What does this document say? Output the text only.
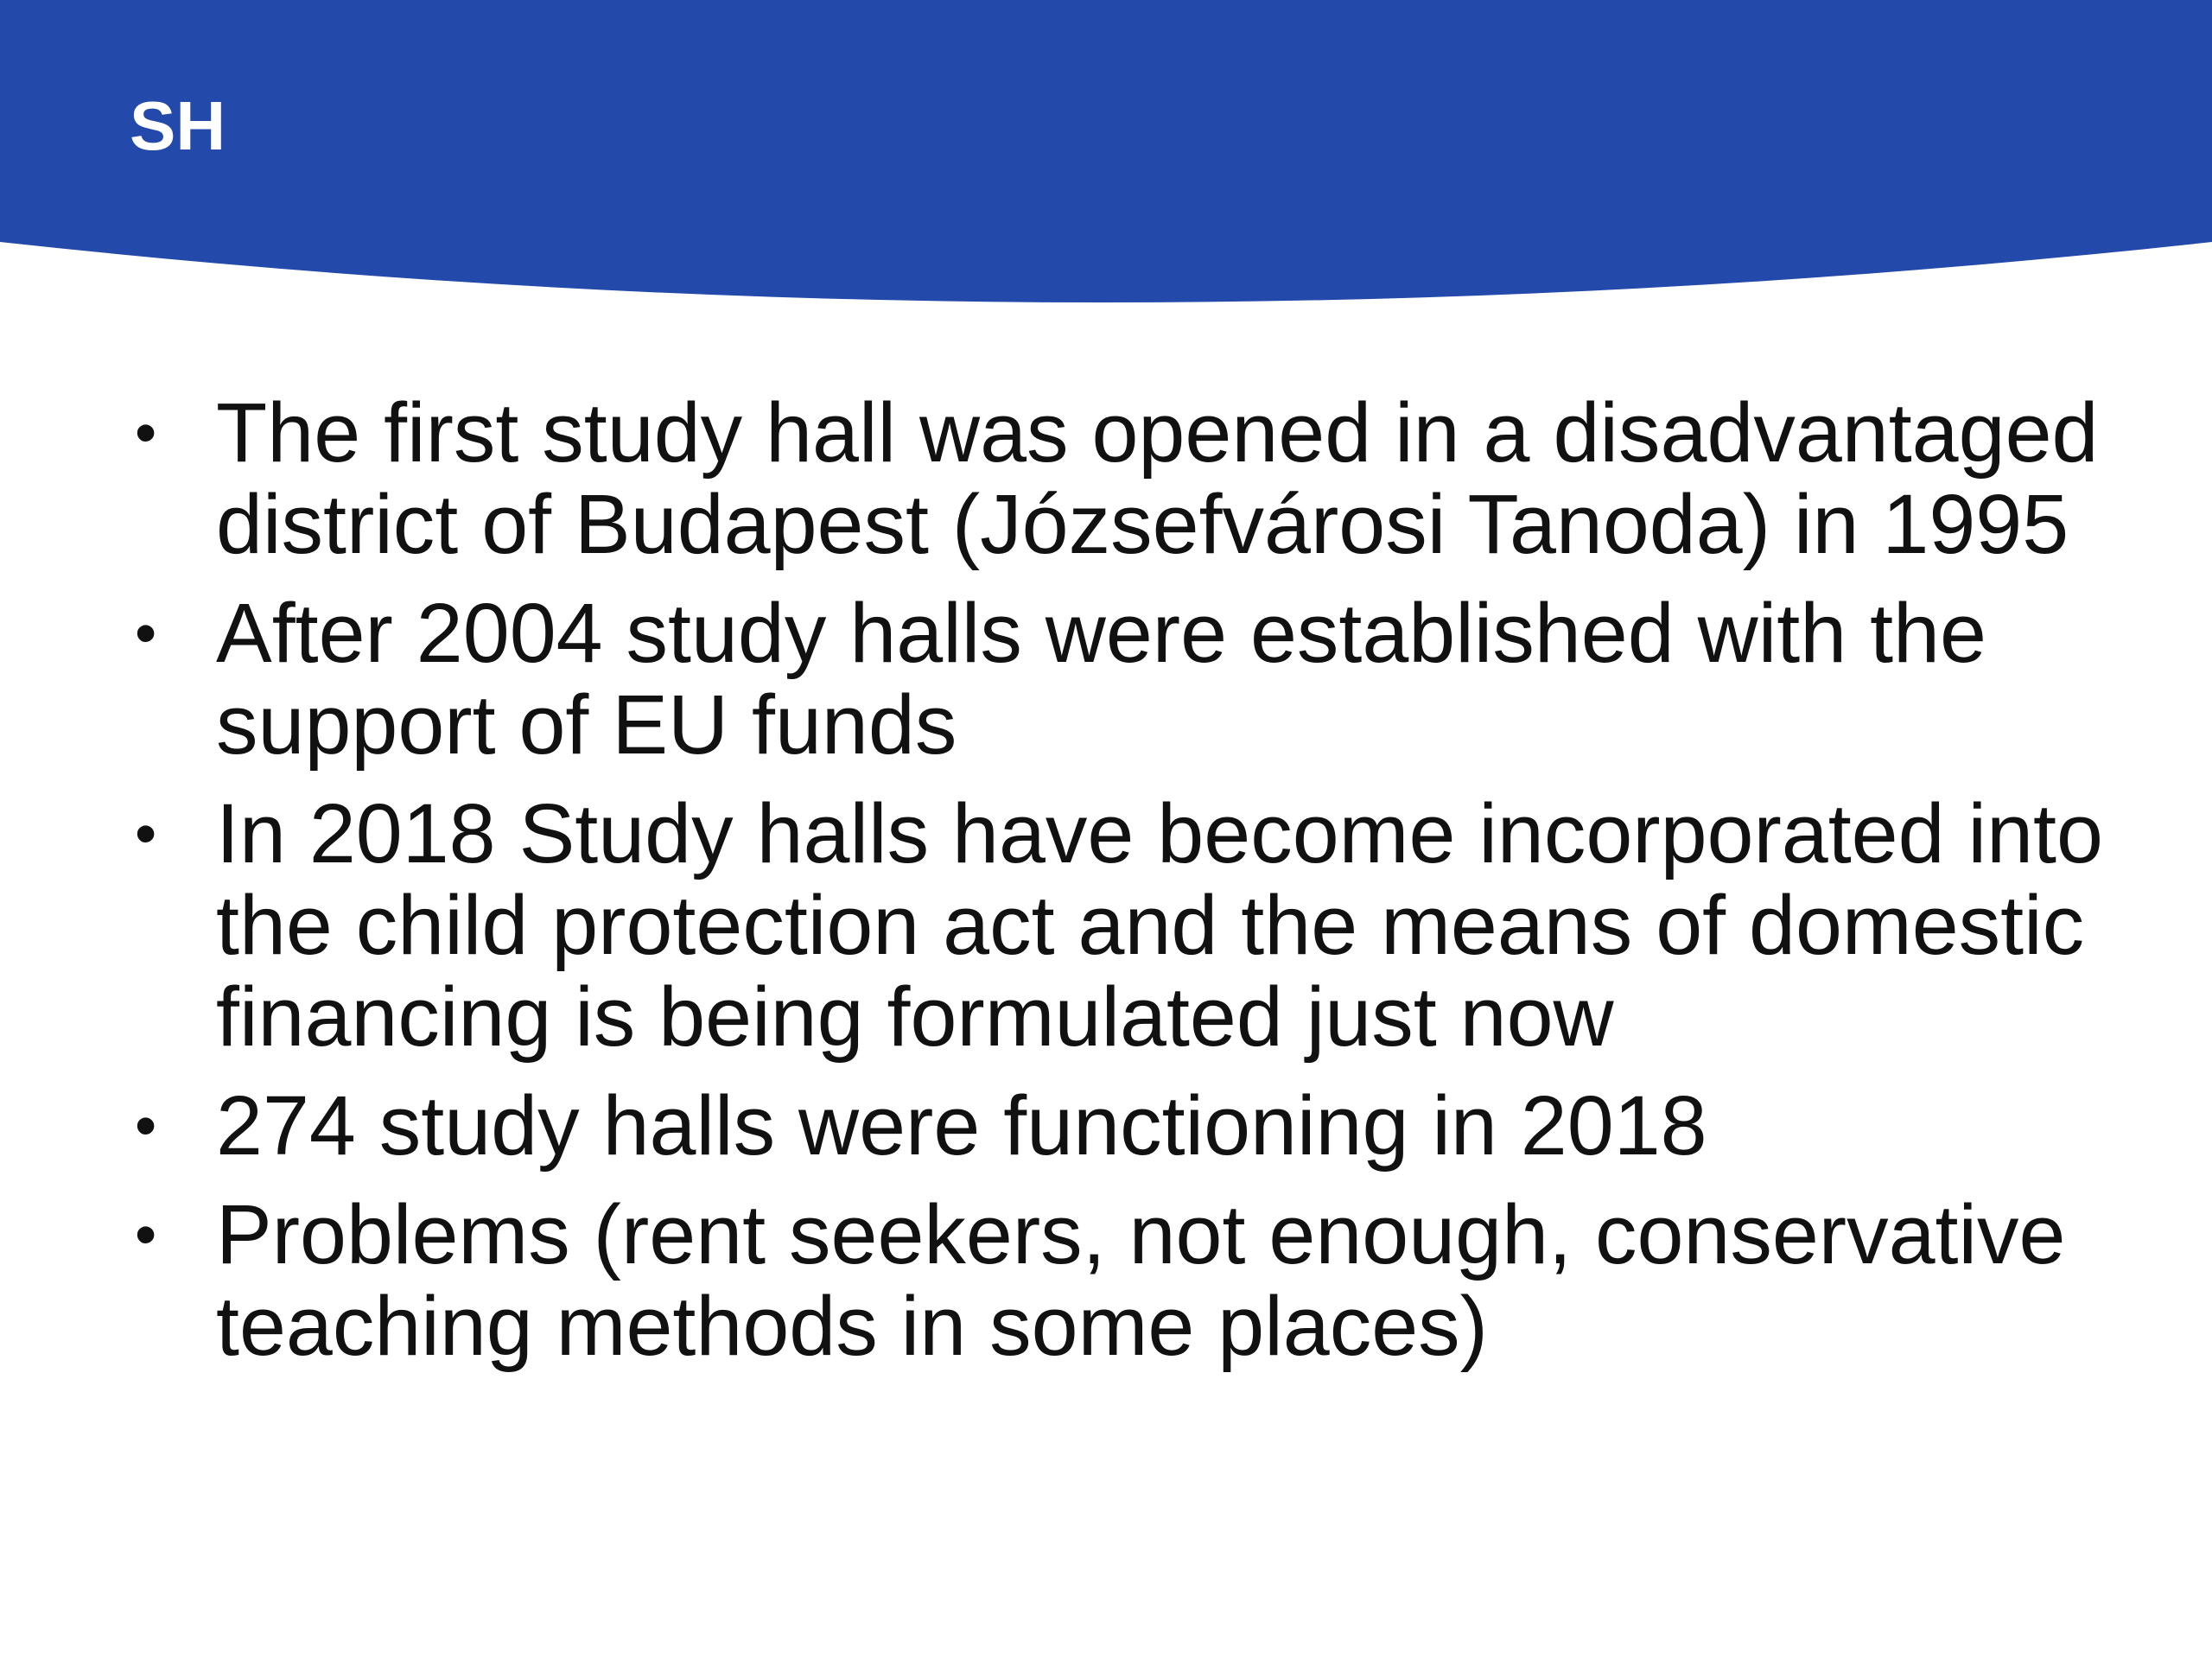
SH
• The first study hall was opened in a disadvantaged district of Budapest (Józsefvárosi Tanoda) in 1995
• After 2004 study halls were established with the support of EU funds
• In 2018 Study halls have become incorporated into the child protection act and the means of domestic financing is being formulated just now
• 274 study halls were functioning in 2018
• Problems (rent seekers, not enough, conservative teaching methods in some places)
